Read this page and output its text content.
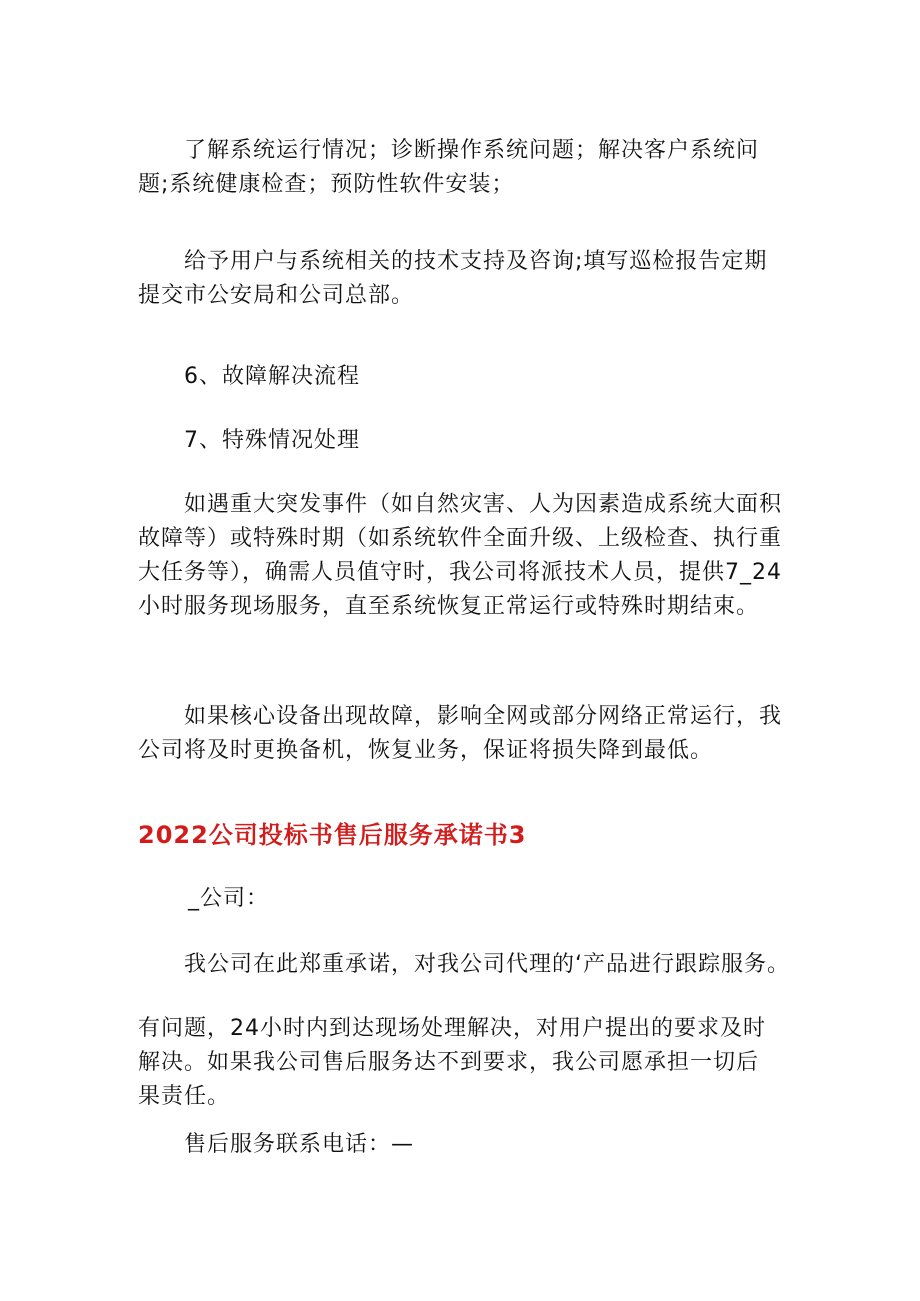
了解系统运行情况；诊断操作系统问题；解决客户系统问题;系统健康检查；预防性软件安装；

给予用户与系统相关的技术支持及咨询;填写巡检报告定期提交市公安局和公司总部。

6、故障解决流程

7、特殊情况处理

如遇重大突发事件（如自然灾害、人为因素造成系统大面积故障等）或特殊时期（如系统软件全面升级、上级检查、执行重大任务等），确需人员值守时，我公司将派技术人员，提供7_24小时服务现场服务，直至系统恢复正常运行或特殊时期结束。

如果核心设备出现故障，影响全网或部分网络正常运行，我公司将及时更换备机，恢复业务，保证将损失降到最低。

2022公司投标书售后服务承诺书3

_公司：

我公司在此郑重承诺，对我公司代理的‘产品进行跟踪服务。

有问题，24小时内到达现场处理解决，对用户提出的要求及时解决。如果我公司售后服务达不到要求，我公司愿承担一切后果责任。

售后服务联系电话：—
